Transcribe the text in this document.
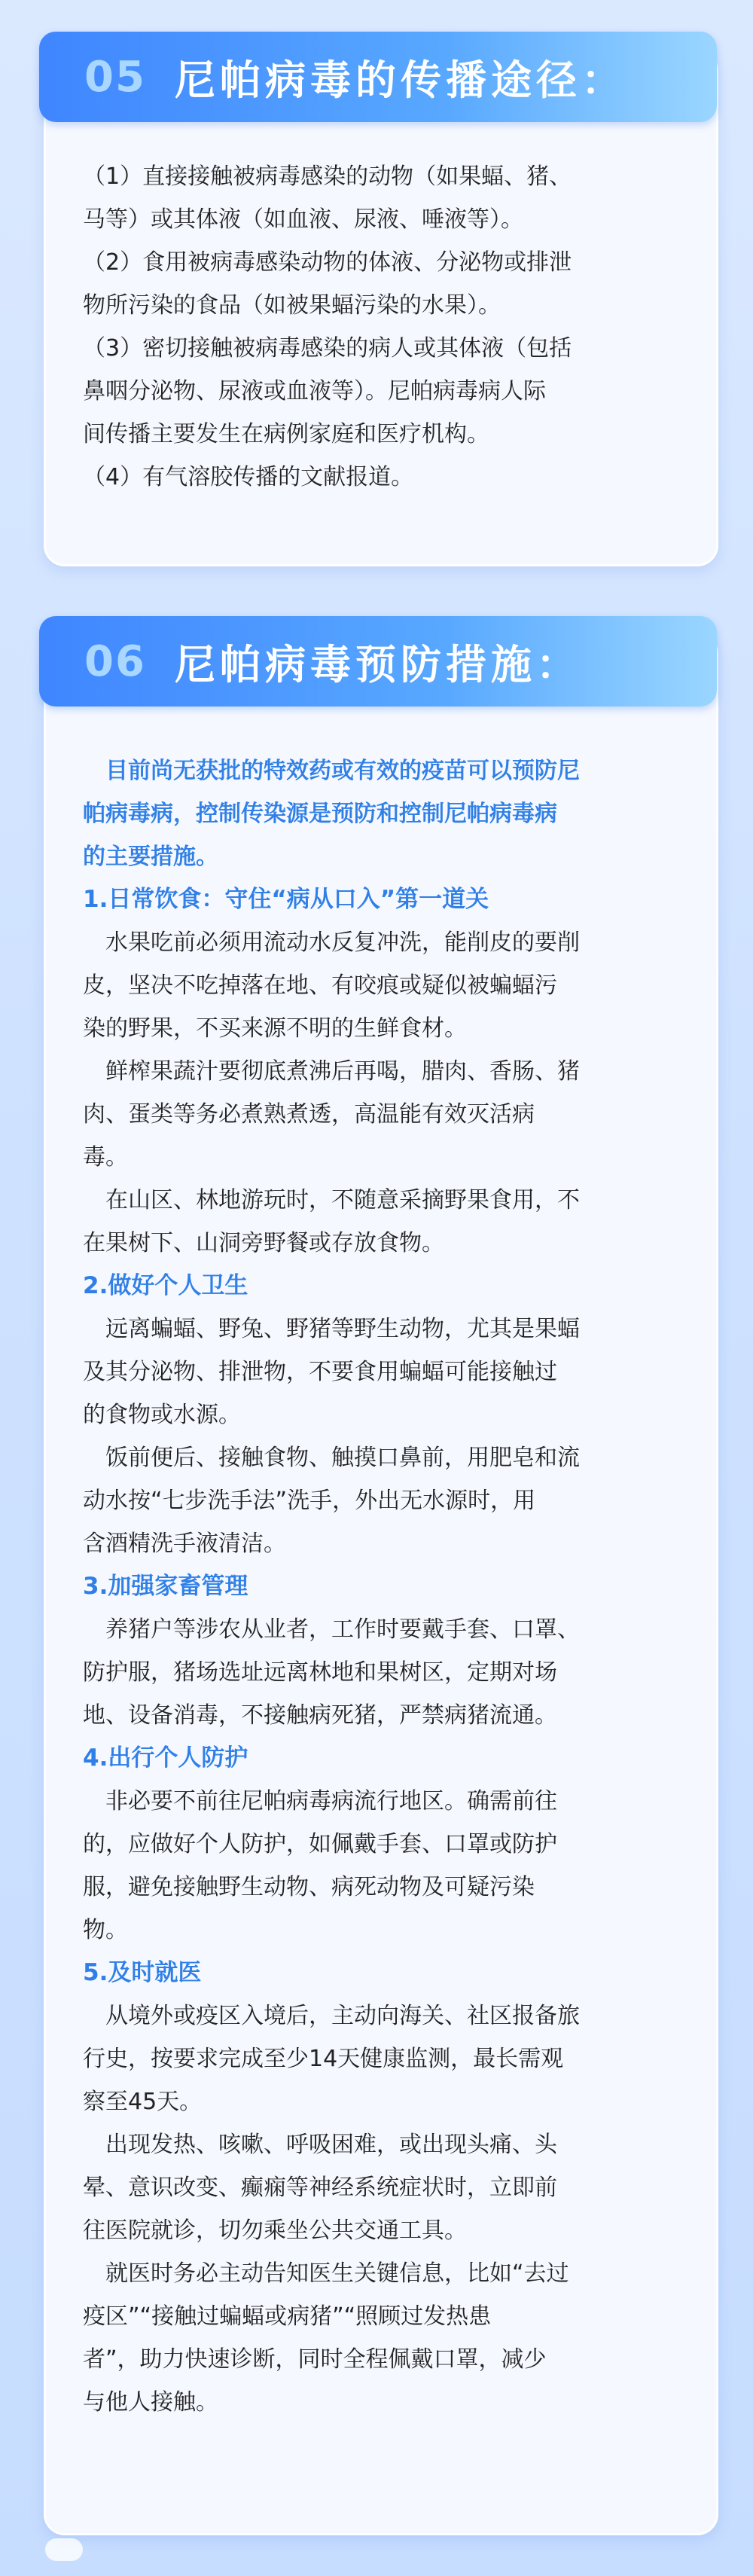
05 尼帕病毒的传播途径：

（1）直接接触被病毒感染的动物（如果蝠、猪、

马等）或其体液（如血液、尿液、唾液等）。

（2）食用被病毒感染动物的体液、分泌物或排泄

物所污染的食品（如被果蝠污染的水果）。

（3）密切接触被病毒感染的病人或其体液（包括

鼻咽分泌物、尿液或血液等）。尼帕病毒病人际

间传播主要发生在病例家庭和医疗机构。

（4）有气溶胶传播的文献报道。

06 尼帕病毒预防措施：

目前尚无获批的特效药或有效的疫苗可以预防尼

帕病毒病，控制传染源是预防和控制尼帕病毒病

的主要措施。

1.日常饮食：守住“病从口入”第一道关

水果吃前必须用流动水反复冲洗，能削皮的要削

皮，坚决不吃掉落在地、有咬痕或疑似被蝙蝠污

染的野果，不买来源不明的生鲜食材。

鲜榨果蔬汁要彻底煮沸后再喝，腊肉、香肠、猪

肉、蛋类等务必煮熟煮透，高温能有效灭活病

毒。

在山区、林地游玩时，不随意采摘野果食用，不

在果树下、山洞旁野餐或存放食物。

2.做好个人卫生

远离蝙蝠、野兔、野猪等野生动物，尤其是果蝠

及其分泌物、排泄物，不要食用蝙蝠可能接触过

的食物或水源。

饭前便后、接触食物、触摸口鼻前，用肥皂和流

动水按“七步洗手法”洗手，外出无水源时，用

含酒精洗手液清洁。

3.加强家畜管理

养猪户等涉农从业者，工作时要戴手套、口罩、

防护服，猪场选址远离林地和果树区，定期对场

地、设备消毒，不接触病死猪，严禁病猪流通。

4.出行个人防护

非必要不前往尼帕病毒病流行地区。确需前往

的，应做好个人防护，如佩戴手套、口罩或防护

服，避免接触野生动物、病死动物及可疑污染

物。

5.及时就医

从境外或疫区入境后，主动向海关、社区报备旅

行史，按要求完成至少14天健康监测，最长需观

察至45天。

出现发热、咳嗽、呼吸困难，或出现头痛、头

晕、意识改变、癫痫等神经系统症状时，立即前

往医院就诊，切勿乘坐公共交通工具。

就医时务必主动告知医生关键信息，比如“去过

疫区”“接触过蝙蝠或病猪”“照顾过发热患

者”，助力快速诊断，同时全程佩戴口罩，减少

与他人接触。
